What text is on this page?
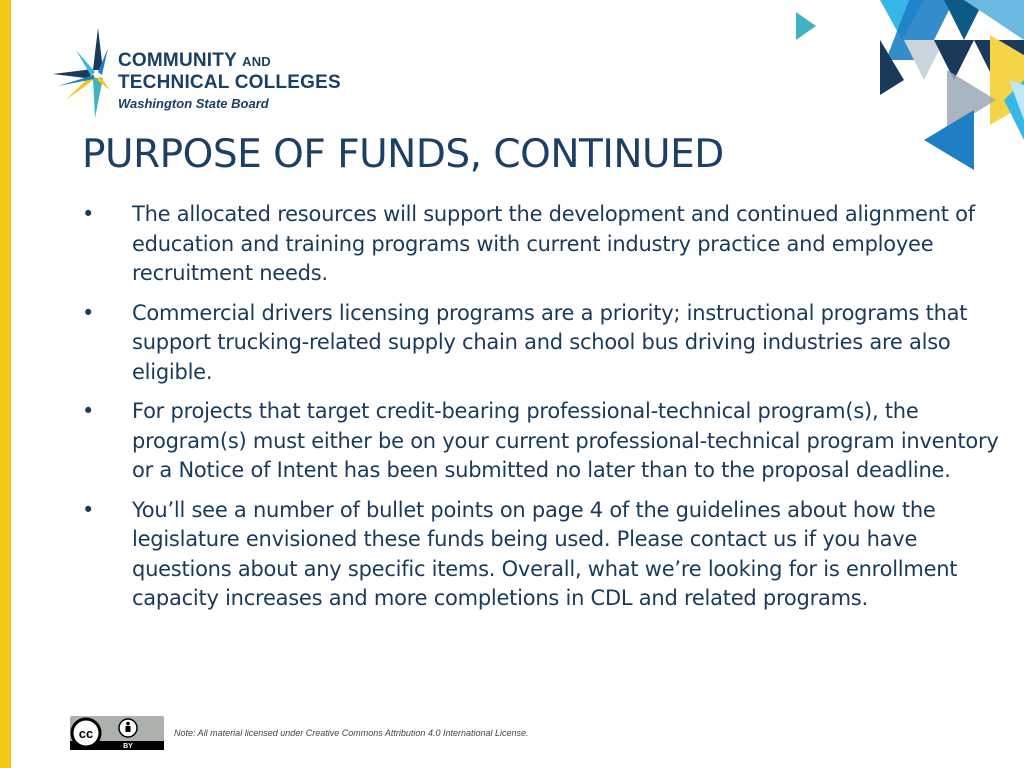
COMMUNITY AND
TECHNICAL COLLEGES
Washington State Board
PURPOSE OF FUNDS, CONTINUED
• The allocated resources will support the development and continued alignment of education and training programs with current industry practice and employee recruitment needs.
• Commercial drivers licensing programs are a priority; instructional programs that support trucking-related supply chain and school bus driving industries are also eligible.
• For projects that target credit-bearing professional-technical program(s), the program(s) must either be on your current professional-technical program inventory or a Notice of Intent has been submitted no later than to the proposal deadline.
• You’ll see a number of bullet points on page 4 of the guidelines about how the legislature envisioned these funds being used. Please contact us if you have questions about any specific items. Overall, what we’re looking for is enrollment capacity increases and more completions in CDL and related programs.
cc
BY
Note: All material licensed under Creative Commons Attribution 4.0 International License.
